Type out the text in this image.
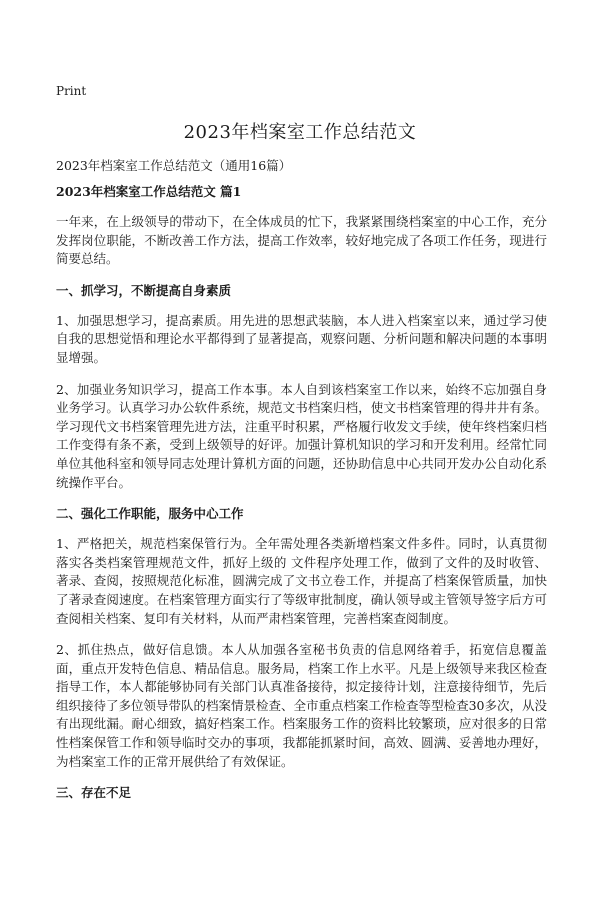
Print
2023年档案室工作总结范文

2023年档案室工作总结范文（通用16篇）

2023年档案室工作总结范文 篇1

一年来，在上级领导的带动下，在全体成员的忙下，我紧紧围绕档案室的中心工作，充分发挥岗位职能，不断改善工作方法，提高工作效率，较好地完成了各项工作任务，现进行简要总结。

一、抓学习，不断提高自身素质

1、加强思想学习，提高素质。用先进的思想武装脑，本人进入档案室以来，通过学习使自我的思想觉悟和理论水平都得到了显著提高，观察问题、分析问题和解决问题的本事明显增强。

2、加强业务知识学习，提高工作本事。本人自到该档案室工作以来，始终不忘加强自身业务学习。认真学习办公软件系统，规范文书档案归档，使文书档案管理的得井井有条。学习现代文书档案管理先进方法，注重平时积累，严格履行收发文手续，使年终档案归档工作变得有条不紊，受到上级领导的好评。加强计算机知识的学习和开发利用。经常忙同单位其他科室和领导同志处理计算机方面的问题，还协助信息中心共同开发办公自动化系统操作平台。

二、强化工作职能，服务中心工作

1、严格把关，规范档案保管行为。全年需处理各类新增档案文件多件。同时，认真贯彻落实各类档案管理规范文件，抓好上级的 文件程序处理工作，做到了文件的及时收管、著录、查阅，按照规范化标准，圆满完成了文书立卷工作，并提高了档案保管质量，加快了著录查阅速度。在档案管理方面实行了等级审批制度，确认领导或主管领导签字后方可查阅相关档案、复印有关材料，从而严肃档案管理，完善档案查阅制度。

2、抓住热点，做好信息馈。本人从加强各室秘书负责的信息网络着手，拓宽信息覆盖面，重点开发特色信息、精品信息。服务局，档案工作上水平。凡是上级领导来我区检查指导工作，本人都能够协同有关部门认真准备接待，拟定接待计划，注意接待细节，先后组织接待了多位领导带队的档案情景检查、全市重点档案工作检查等型检查30多次，从没有出现纰漏。耐心细致，搞好档案工作。档案服务工作的资料比较繁琐，应对很多的日常性档案保管工作和领导临时交办的事项，我都能抓紧时间，高效、圆满、妥善地办理好，为档案室工作的正常开展供给了有效保证。

三、存在不足
